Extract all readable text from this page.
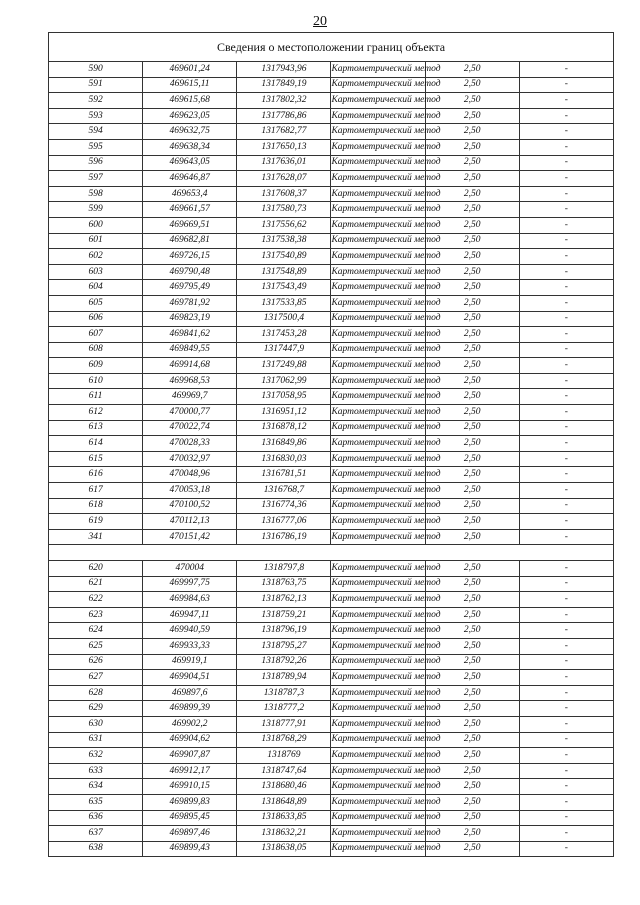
20
Сведения о местоположении границ объекта					
590	469601,24	1317943,96	Картометрический метод	2,50	-
591	469615,11	1317849,19	Картометрический метод	2,50	-
592	469615,68	1317802,32	Картометрический метод	2,50	-
593	469623,05	1317786,86	Картометрический метод	2,50	-
594	469632,75	1317682,77	Картометрический метод	2,50	-
595	469638,34	1317650,13	Картометрический метод	2,50	-
596	469643,05	1317636,01	Картометрический метод	2,50	-
597	469646,87	1317628,07	Картометрический метод	2,50	-
598	469653,4	1317608,37	Картометрический метод	2,50	-
599	469661,57	1317580,73	Картометрический метод	2,50	-
600	469669,51	1317556,62	Картометрический метод	2,50	-
601	469682,81	1317538,38	Картометрический метод	2,50	-
602	469726,15	1317540,89	Картометрический метод	2,50	-
603	469790,48	1317548,89	Картометрический метод	2,50	-
604	469795,49	1317543,49	Картометрический метод	2,50	-
605	469781,92	1317533,85	Картометрический метод	2,50	-
606	469823,19	1317500,4	Картометрический метод	2,50	-
607	469841,62	1317453,28	Картометрический метод	2,50	-
608	469849,55	1317447,9	Картометрический метод	2,50	-
609	469914,68	1317249,88	Картометрический метод	2,50	-
610	469968,53	1317062,99	Картометрический метод	2,50	-
611	469969,7	1317058,95	Картометрический метод	2,50	-
612	470000,77	1316951,12	Картометрический метод	2,50	-
613	470022,74	1316878,12	Картометрический метод	2,50	-
614	470028,33	1316849,86	Картометрический метод	2,50	-
615	470032,97	1316830,03	Картометрический метод	2,50	-
616	470048,96	1316781,51	Картометрический метод	2,50	-
617	470053,18	1316768,7	Картометрический метод	2,50	-
618	470100,52	1316774,36	Картометрический метод	2,50	-
619	470112,13	1316777,06	Картометрический метод	2,50	-
341	470151,42	1316786,19	Картометрический метод	2,50	-

620	470004	1318797,8	Картометрический метод	2,50	-
621	469997,75	1318763,75	Картометрический метод	2,50	-
622	469984,63	1318762,13	Картометрический метод	2,50	-
623	469947,11	1318759,21	Картометрический метод	2,50	-
624	469940,59	1318796,19	Картометрический метод	2,50	-
625	469933,33	1318795,27	Картометрический метод	2,50	-
626	469919,1	1318792,26	Картометрический метод	2,50	-
627	469904,51	1318789,94	Картометрический метод	2,50	-
628	469897,6	1318787,3	Картометрический метод	2,50	-
629	469899,39	1318777,2	Картометрический метод	2,50	-
630	469902,2	1318777,91	Картометрический метод	2,50	-
631	469904,62	1318768,29	Картометрический метод	2,50	-
632	469907,87	1318769	Картометрический метод	2,50	-
633	469912,17	1318747,64	Картометрический метод	2,50	-
634	469910,15	1318680,46	Картометрический метод	2,50	-
635	469899,83	1318648,89	Картометрический метод	2,50	-
636	469895,45	1318633,85	Картометрический метод	2,50	-
637	469897,46	1318632,21	Картометрический метод	2,50	-
638	469899,43	1318638,05	Картометрический метод	2,50	-
